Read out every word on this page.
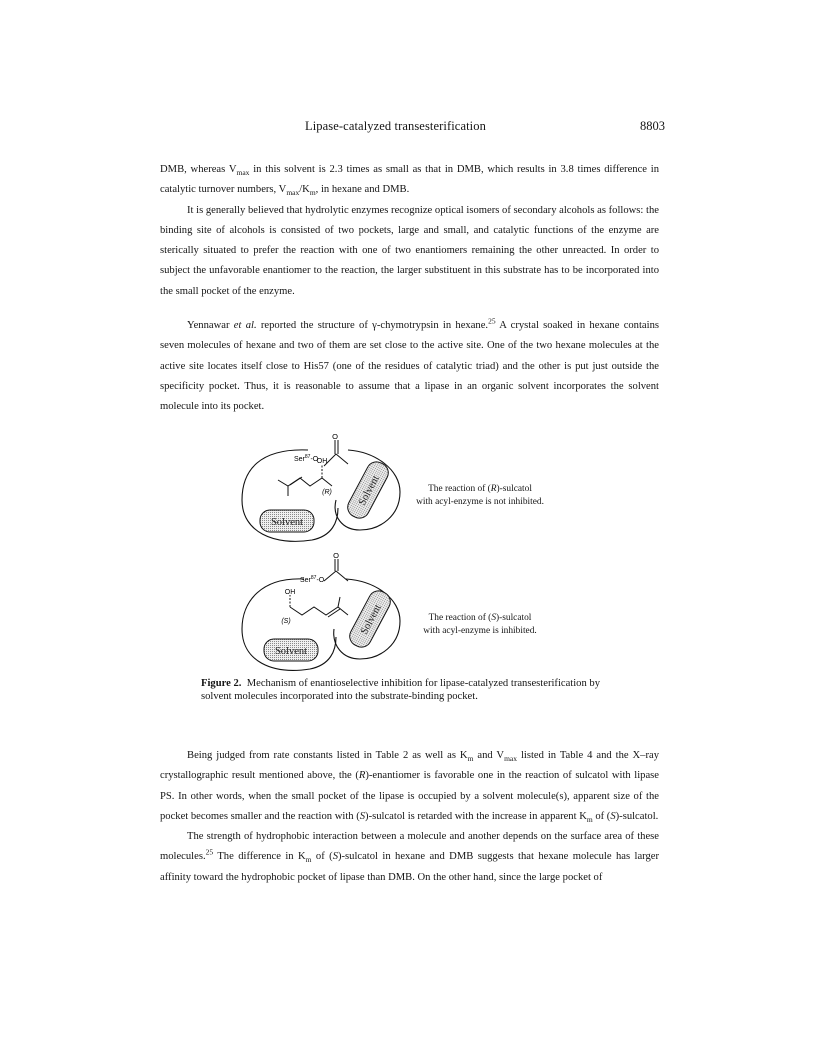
Lipase-catalyzed transesterification	8803

DMB, whereas $V_{max}$ in this solvent is 2.3 times as small as that in DMB, which results in 3.8 times difference in catalytic turnover numbers, $V_{max}/K_m$, in hexane and DMB.

It is generally believed that hydrolytic enzymes recognize optical isomers of secondary alcohols as follows: the binding site of alcohols is consisted of two pockets, large and small, and catalytic functions of the enzyme are sterically situated to prefer the reaction with one of two enantiomers remaining the other unreacted. In order to subject the unfavorable enantiomer to the reaction, the larger substituent in this substrate has to be incorporated into the small pocket of the enzyme.

Yennawar et al. reported the structure of γ-chymotrypsin in hexane.$^{25}$ A crystal soaked in hexane contains seven molecules of hexane and two of them are set close to the active site. One of the two hexane molecules at the active site locates itself close to His57 (one of the residues of catalytic triad) and the other is put just outside the specificity pocket. Thus, it is reasonable to assume that a lipase in an organic solvent incorporates the solvent molecule into its pocket.

Solvent
Solvent
O
Ser$^{87}$-O
OH
(R)	The reaction of (R)-sulcatol
with acyl-enzyme is not inhibited.
Solvent
Solvent
O
Ser$^{87}$-O
OH
(S)	The reaction of (S)-sulcatol
with acyl-enzyme is inhibited.
Figure 2. Mechanism of enantioselective inhibition for lipase-catalyzed transesterification by solvent molecules incorporated into the substrate-binding pocket.

Being judged from rate constants listed in Table 2 as well as $K_m$ and $V_{max}$ listed in Table 4 and the X–ray crystallographic result mentioned above, the (R)-enantiomer is favorable one in the reaction of sulcatol with lipase PS. In other words, when the small pocket of the lipase is occupied by a solvent molecule(s), apparent size of the pocket becomes smaller and the reaction with (S)-sulcatol is retarded with the increase in apparent $K_m$ of (S)-sulcatol.

The strength of hydrophobic interaction between a molecule and another depends on the surface area of these molecules.$^{25}$ The difference in $K_m$ of (S)-sulcatol in hexane and DMB suggests that hexane molecule has larger affinity toward the hydrophobic pocket of lipase than DMB. On the other hand, since the large pocket of
